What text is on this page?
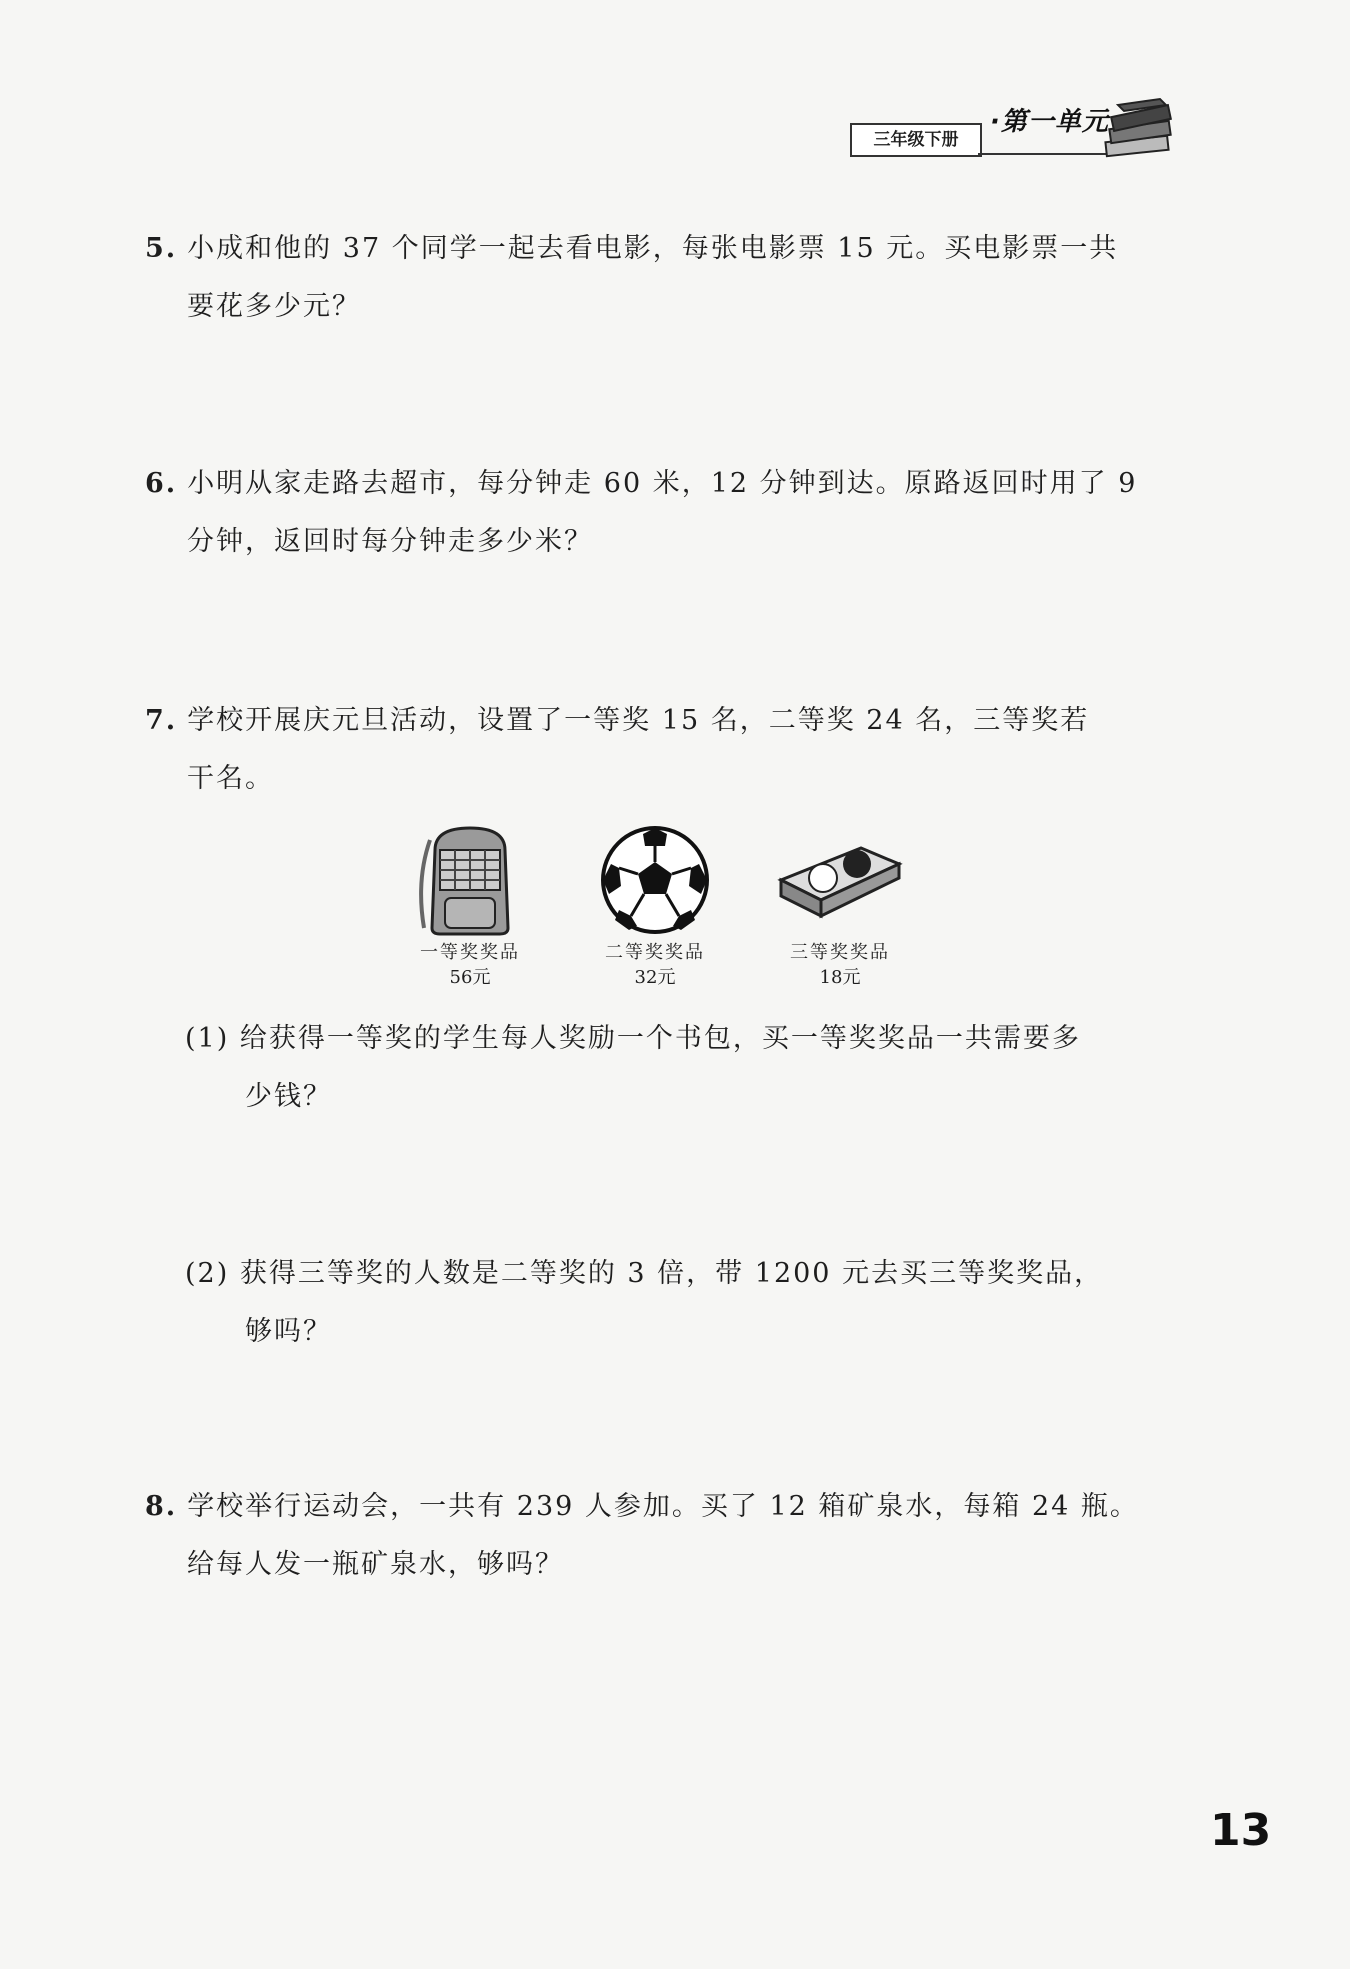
三年级下册
·第一单元
5. 小成和他的 37 个同学一起去看电影，每张电影票 15 元。买电影票一共
要花多少元？
6. 小明从家走路去超市，每分钟走 60 米，12 分钟到达。原路返回时用了 9
分钟，返回时每分钟走多少米？
7. 学校开展庆元旦活动，设置了一等奖 15 名，二等奖 24 名，三等奖若
干名。
一等奖奖品
56元
二等奖奖品
32元
三等奖奖品
18元
(1) 给获得一等奖的学生每人奖励一个书包，买一等奖奖品一共需要多
少钱？
(2) 获得三等奖的人数是二等奖的 3 倍，带 1200 元去买三等奖奖品，
够吗？
8. 学校举行运动会，一共有 239 人参加。买了 12 箱矿泉水，每箱 24 瓶。
给每人发一瓶矿泉水，够吗？
13
